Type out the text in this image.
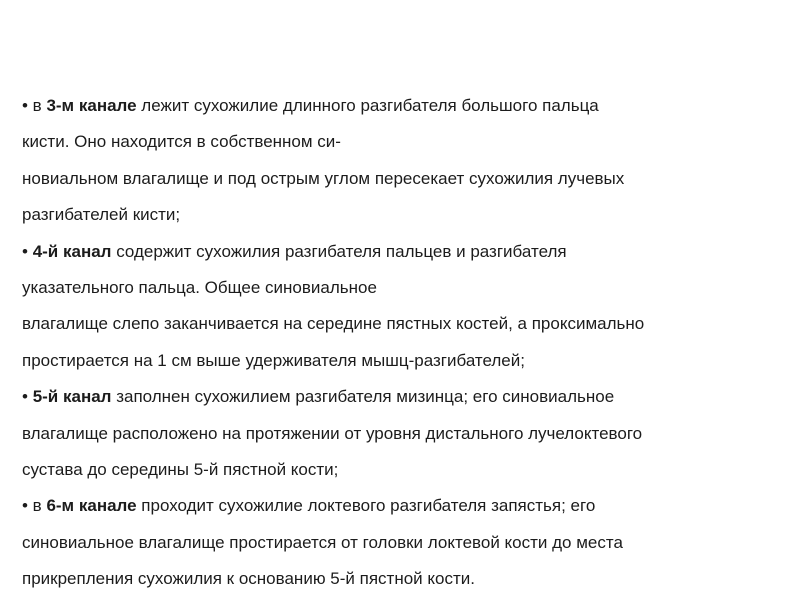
• в 3-м канале лежит сухожилие длинного разгибателя большого пальца
кисти. Оно находится в собственном си-
новиальном влагалище и под острым углом пересекает сухожилия лучевых
разгибателей кисти;
• 4-й канал содержит сухожилия разгибателя пальцев и разгибателя
указательного пальца. Общее синовиальное
влагалище слепо заканчивается на середине пястных костей, а проксимально
простирается на 1 см выше удерживателя мышц-разгибателей;
• 5-й канал заполнен сухожилием разгибателя мизинца; его синовиальное
влагалище расположено на протяжении от уровня дистального лучелоктевого
сустава до середины 5-й пястной кости;
• в 6-м канале проходит сухожилие локтевого разгибателя запястья; его
синовиальное влагалище простирается от головки локтевой кости до места
прикрепления сухожилия к основанию 5-й пястной кости.
